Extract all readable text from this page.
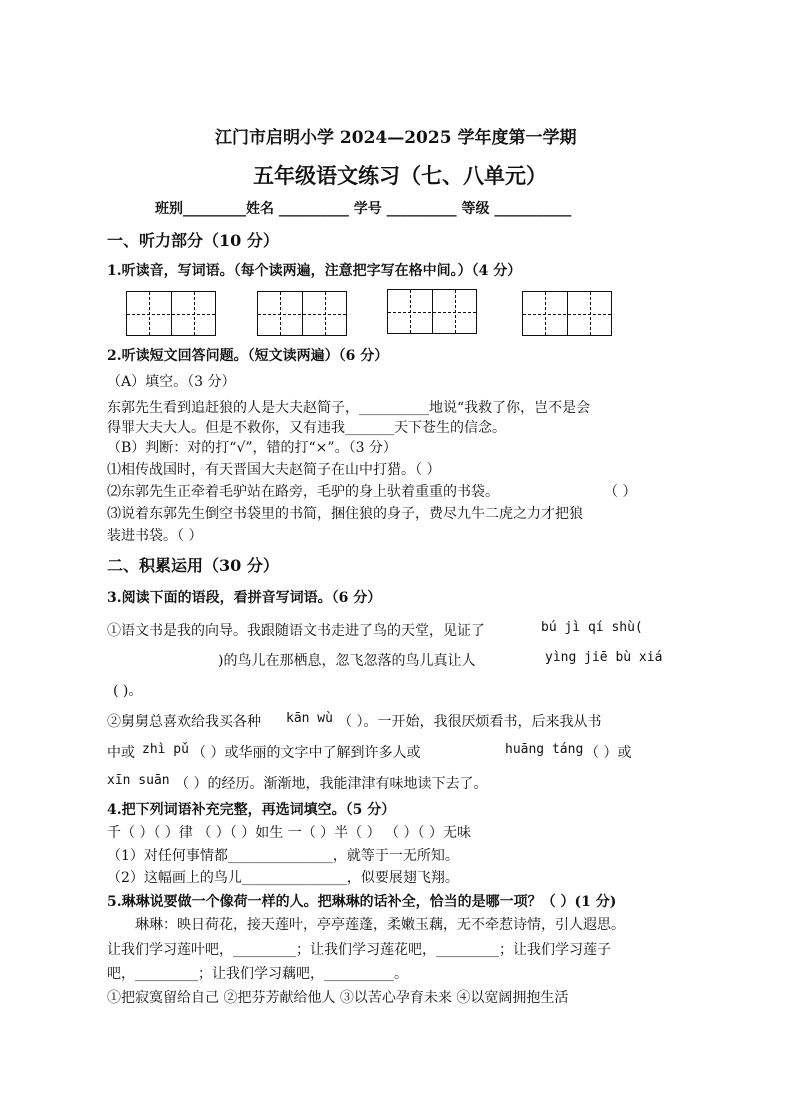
江门市启明小学 2024—2025 学年度第一学期
五年级语文练习（七、八单元）
班别_________姓名 __________ 学号 __________ 等级 ___________
一、听力部分（10 分）
1.听读音，写词语。（每个读两遍，注意把字写在格中间。）（4 分）
2.听读短文回答问题。（短文读两遍）（6 分）
（A）填空。（3 分）
东郭先生看到追赶狼的人是大夫赵简子，__________地说“我救了你，岂不是会
得罪大夫大人。但是不救你，又有违我_______天下苍生的信念。
（B）判断：对的打“√”，错的打“×”。（3 分）
⑴相传战国时，有天晋国大夫赵简子在山中打猎。（ ）
⑵东郭先生正牵着毛驴站在路旁，毛驴的身上驮着重重的书袋。	（ ）
⑶说着东郭先生倒空书袋里的书简，捆住狼的身子，费尽九牛二虎之力才把狼
装进书袋。（ ）
二、积累运用（30 分）
3.阅读下面的语段，看拼音写词语。（6 分）
①语文书是我的向导。我跟随语文书走进了鸟的天堂，见证了	bú jì qí shù(
)的鸟儿在那栖息，忽飞忽落的鸟儿真让人	yìng jiē bù xiá
( )。
②舅舅总喜欢给我买各种 kān wù （ ）。一开始，我很厌烦看书，后来我从书
中或 zhì pǔ （ ）或华丽的文字中了解到许多人或	huāng táng （ ）或
xīn suān （ ）的经历。渐渐地，我能津津有味地读下去了。
4.把下列词语补充完整，再选词填空。（5 分）
千（ ）（ ）律 （ ）（ ）如生 一（ ）半（ ） （ ）（ ）无味
（1）对任何事情都_______________，就等于一无所知。
（2）这幅画上的鸟儿_______________，似要展翅飞翔。
5.琳琳说要做一个像荷一样的人。把琳琳的话补全，恰当的是哪一项？（ ）(1 分)
琳琳：映日荷花，接天莲叶，亭亭莲蓬，柔嫩玉藕，无不牵惹诗情，引人遐思。
让我们学习莲叶吧，_________；让我们学习莲花吧，_________；让我们学习莲子
吧，_________；让我们学习藕吧，__________。
①把寂寞留给自己 ②把芬芳献给他人 ③以苦心孕育未来 ④以宽阔拥抱生活
